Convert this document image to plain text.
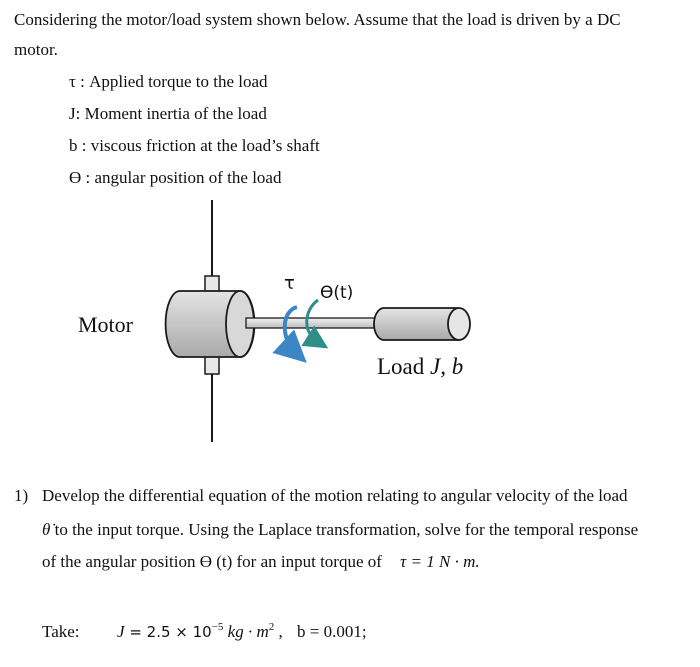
Considering the motor/load system shown below. Assume that the load is driven by a DC
motor.
τ : Applied torque to the load
J: Moment inertia of the load
b : viscous friction at the load’s shaft
ϴ : angular position of the load
Motor
τ ϴ(t)
Load J, b
1) Develop the differential equation of the motion relating to angular velocity of the load
θ̇ to the input torque. Using the Laplace transformation, solve for the temporal response
of the angular position ϴ (t) for an input torque of τ = 1 N · m.
Take: $J = 2.5 \times 10^{-5}$ kg · $m^2$ , b = 0.001;
